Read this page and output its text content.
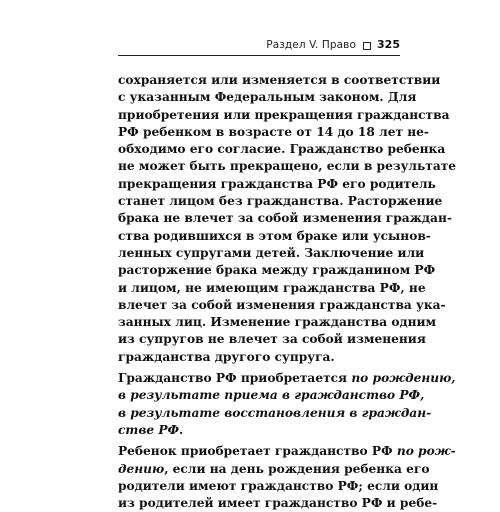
Раздел V. Право 325
сохраняется или изменяется в соответствии
с указанным Федеральным законом. Для
приобретения или прекращения гражданства
РФ ребенком в возрасте от 14 до 18 лет не-
обходимо его согласие. Гражданство ребенка
не может быть прекращено, если в результате
прекращения гражданства РФ его родитель
станет лицом без гражданства. Расторжение
брака не влечет за собой изменения граждан-
ства родившихся в этом браке или усынов-
ленных супругами детей. Заключение или
расторжение брака между гражданином РФ
и лицом, не имеющим гражданства РФ, не
влечет за собой изменения гражданства ука-
занных лиц. Изменение гражданства одним
из супругов не влечет за собой изменения
гражданства другого супруга.
Гражданство РФ приобретается по рождению,
в результате приема в гражданство РФ,
в результате восстановления в граждан-
стве РФ.
Ребенок приобретает гражданство РФ по рож-
дению, если на день рождения ребенка его
родители имеют гражданство РФ; если один
из родителей имеет гражданство РФ и ребе-
